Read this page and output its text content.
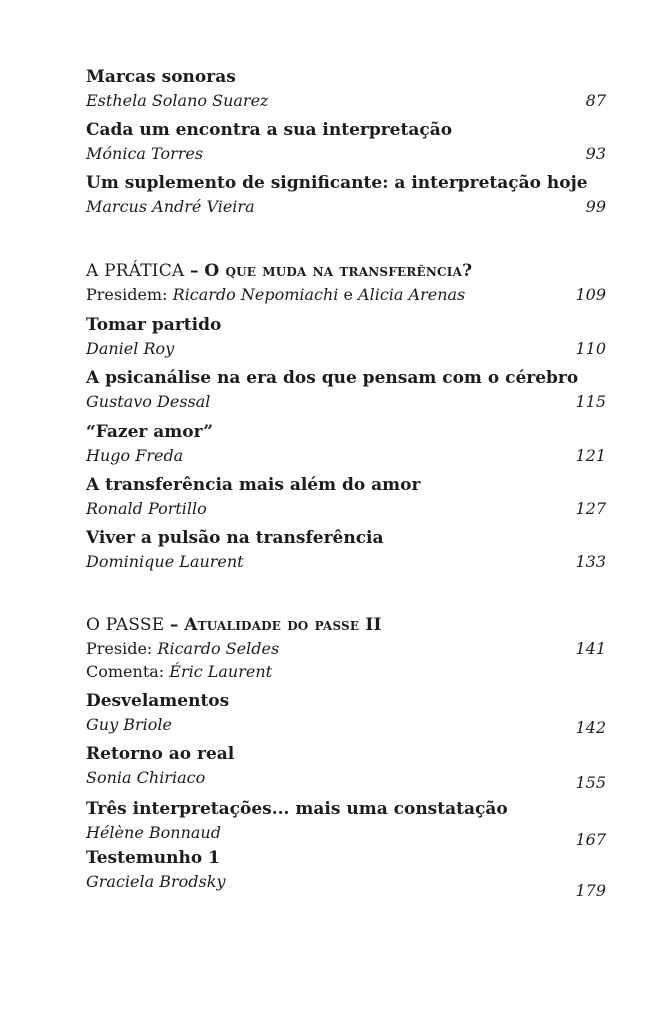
Marcas sonoras
Esthela Solano Suarez	87
Cada um encontra a sua interpretação
Mónica Torres	93
Um suplemento de significante: a interpretação hoje
Marcus André Vieira	99
A PRÁTICA – O que muda na transferência?
Presidem: Ricardo Nepomiachi e Alicia Arenas	109
Tomar partido
Daniel Roy	110
A psicanálise na era dos que pensam com o cérebro
Gustavo Dessal	115
“Fazer amor”
Hugo Freda	121
A transferência mais além do amor
Ronald Portillo	127
Viver a pulsão na transferência
Dominique Laurent	133
O PASSE – Atualidade do passe II
Preside: Ricardo Seldes	141
Comenta: Éric Laurent
Desvelamentos
Guy Briole	142
Retorno ao real
Sonia Chiriaco	155
Três interpretações... mais uma constatação
Hélène Bonnaud	167
Testemunho 1
Graciela Brodsky	179
